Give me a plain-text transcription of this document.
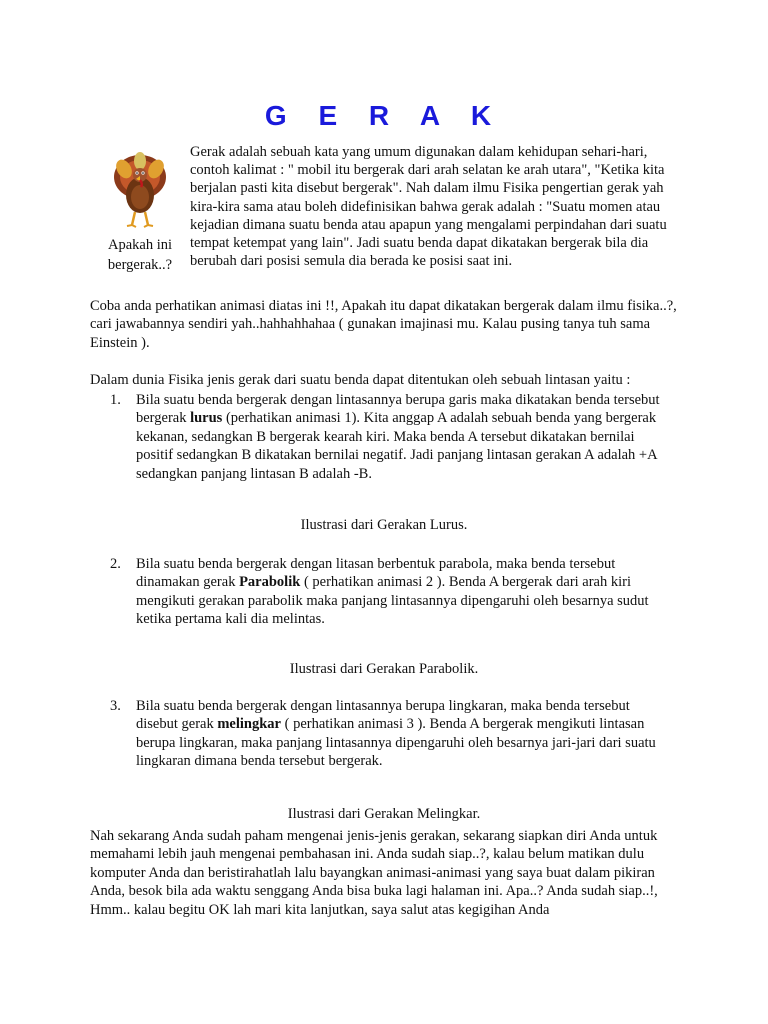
G E R A K
Apakah ini bergerak..?
Gerak adalah sebuah kata yang umum digunakan dalam kehidupan sehari-hari, contoh kalimat : " mobil itu bergerak dari arah selatan ke arah utara", "Ketika kita berjalan pasti kita disebut bergerak". Nah dalam ilmu Fisika pengertian gerak yah kira-kira sama atau boleh didefinisikan bahwa gerak adalah : "Suatu momen atau kejadian dimana suatu benda atau apapun yang mengalami perpindahan dari suatu tempat ketempat yang lain". Jadi suatu benda dapat dikatakan bergerak bila dia berubah dari posisi semula dia berada ke posisi saat ini.

Coba anda perhatikan animasi diatas ini !!, Apakah itu dapat dikatakan bergerak dalam ilmu fisika..?, cari jawabannya sendiri yah..hahhahhahaa ( gunakan imajinasi mu. Kalau pusing tanya tuh sama Einstein ).

Dalam dunia Fisika jenis gerak dari suatu benda dapat ditentukan oleh sebuah lintasan yaitu :

1. Bila suatu benda bergerak dengan lintasannya berupa garis maka dikatakan benda tersebut bergerak lurus (perhatikan animasi 1). Kita anggap A adalah sebuah benda yang bergerak kekanan, sedangkan B bergerak kearah kiri. Maka benda A tersebut dikatakan bernilai positif sedangkan B dikatakan bernilai negatif. Jadi panjang lintasan gerakan A adalah +A sedangkan panjang lintasan B adalah -B.
Ilustrasi dari Gerakan Lurus.
2. Bila suatu benda bergerak dengan litasan berbentuk parabola, maka benda tersebut dinamakan gerak Parabolik ( perhatikan animasi 2 ). Benda A bergerak dari arah kiri mengikuti gerakan parabolik maka panjang lintasannya dipengaruhi oleh besarnya sudut ketika pertama kali dia melintas.
Ilustrasi dari Gerakan Parabolik.
3. Bila suatu benda bergerak dengan lintasannya berupa lingkaran, maka benda tersebut disebut gerak melingkar ( perhatikan animasi 3 ). Benda A bergerak mengikuti lintasan berupa lingkaran, maka panjang lintasannya dipengaruhi oleh besarnya jari-jari dari suatu lingkaran dimana benda tersebut bergerak.
Ilustrasi dari Gerakan Melingkar.

Nah sekarang Anda sudah paham mengenai jenis-jenis gerakan, sekarang siapkan diri Anda untuk memahami lebih jauh mengenai pembahasan ini. Anda sudah siap..?, kalau belum matikan dulu komputer Anda dan beristirahatlah lalu bayangkan animasi-animasi yang saya buat dalam pikiran Anda, besok bila ada waktu senggang Anda bisa buka lagi halaman ini. Apa..? Anda sudah siap..!, Hmm.. kalau begitu OK lah mari kita lanjutkan, saya salut atas kegigihan Anda
